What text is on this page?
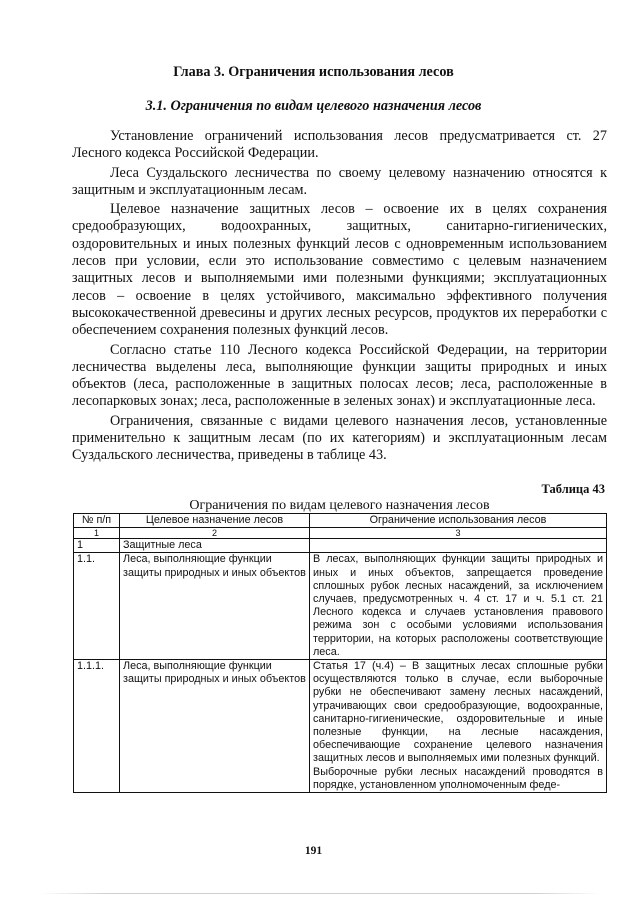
Глава 3. Ограничения использования лесов
3.1. Ограничения по видам целевого назначения лесов

Установление ограничений использования лесов предусматривается ст. 27 Лесного кодекса Российской Федерации.

Леса Суздальского лесничества по своему целевому назначению относятся к защитным и эксплуатационным лесам.

Целевое назначение защитных лесов – освоение их в целях сохранения средообразующих, водоохранных, защитных, санитарно-гигиенических, оздоровительных и иных полезных функций лесов с одновременным использованием лесов при условии, если это использование совместимо с целевым назначением защитных лесов и выполняемыми ими полезными функциями; эксплуатационных лесов – освоение в целях устойчивого, максимально эффективного получения высококачественной древесины и других лесных ресурсов, продуктов их переработки с обеспечением сохранения полезных функций лесов.

Согласно статье 110 Лесного кодекса Российской Федерации, на территории лесничества выделены леса, выполняющие функции защиты природных и иных объектов (леса, расположенные в защитных полосах лесов; леса, расположенные в лесопарковых зонах; леса, расположенные в зеленых зонах) и эксплуатационные леса.

Ограничения, связанные с видами целевого назначения лесов, установленные применительно к защитным лесам (по их категориям) и эксплуатационным лесам Суздальского лесничества, приведены в таблице 43.

Таблица 43
Ограничения по видам целевого назначения лесов
№ п/п	Целевое назначение лесов	Ограничение использования лесов
1	2	3
1	Защитные леса	
1.1.	Леса, выполняющие функции защиты природных и иных объектов	В лесах, выполняющих функции защиты природных и иных и иных объектов, запрещается проведение сплошных рубок лесных насаждений, за исключением случаев, предусмотренных ч. 4 ст. 17 и ч. 5.1 ст. 21 Лесного кодекса и случаев установления правового режима зон с особыми условиями использования территории, на которых расположены соответствующие леса.
1.1.1.	Леса, выполняющие функции защиты природных и иных объектов	Статья 17 (ч.4) – В защитных лесах сплошные рубки осуществляются только в случае, если выборочные рубки не обеспечивают замену лесных насаждений, утрачивающих свои средообразующие, водоохранные, санитарно-гигиенические, оздоровительные и иные полезные функции, на лесные насаждения, обеспечивающие сохранение целевого назначения защитных лесов и выполняемых ими полезных функций.
Выборочные рубки лесных насаждений проводятся в порядке, установленном уполномоченным феде-
191
